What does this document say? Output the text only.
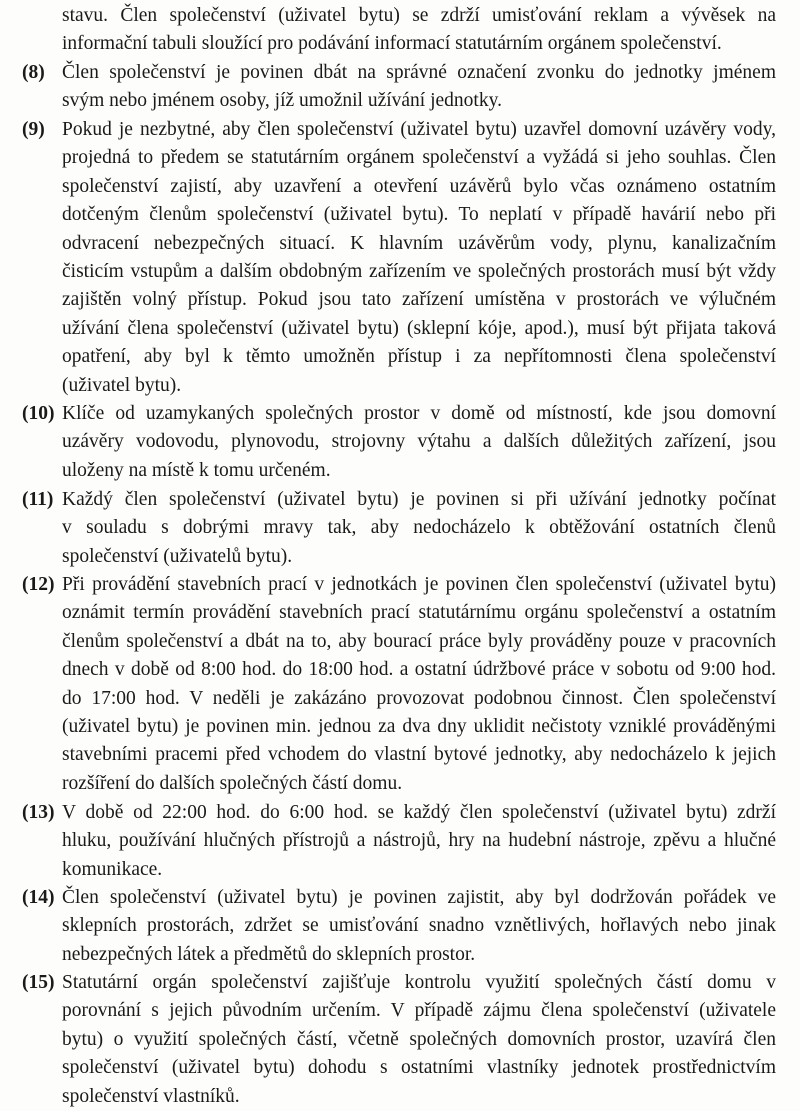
stavu. Člen společenství (uživatel bytu) se zdrží umisťování reklam a vývěsek na
informační tabuli sloužící pro podávání informací statutárním orgánem společenství.
(8) Člen společenství je povinen dbát na správné označení zvonku do jednotky jménem
svým nebo jménem osoby, jíž umožnil užívání jednotky.
(9) Pokud je nezbytné, aby člen společenství (uživatel bytu) uzavřel domovní uzávěry vody,
projedná to předem se statutárním orgánem společenství a vyžádá si jeho souhlas. Člen
společenství zajistí, aby uzavření a otevření uzávěrů bylo včas oznámeno ostatním
dotčeným členům společenství (uživatel bytu). To neplatí v případě havárií nebo při
odvracení nebezpečných situací. K hlavním uzávěrům vody, plynu, kanalizačním
čisticím vstupům a dalším obdobným zařízením ve společných prostorách musí být vždy
zajištěn volný přístup. Pokud jsou tato zařízení umístěna v prostorách ve výlučném
užívání člena společenství (uživatel bytu) (sklepní kóje, apod.), musí být přijata taková
opatření, aby byl k těmto umožněn přístup i za nepřítomnosti člena společenství
(uživatel bytu).
(10) Klíče od uzamykaných společných prostor v domě od místností, kde jsou domovní
uzávěry vodovodu, plynovodu, strojovny výtahu a dalších důležitých zařízení, jsou
uloženy na místě k tomu určeném.
(11) Každý člen společenství (uživatel bytu) je povinen si při užívání jednotky počínat
v souladu s dobrými mravy tak, aby nedocházelo k obtěžování ostatních členů
společenství (uživatelů bytu).
(12) Při provádění stavebních prací v jednotkách je povinen člen společenství (uživatel bytu)
oznámit termín provádění stavebních prací statutárnímu orgánu společenství a ostatním
členům společenství a dbát na to, aby bourací práce byly prováděny pouze v pracovních
dnech v době od 8:00 hod. do 18:00 hod. a ostatní údržbové práce v sobotu od 9:00 hod.
do 17:00 hod. V neděli je zakázáno provozovat podobnou činnost. Člen společenství
(uživatel bytu) je povinen min. jednou za dva dny uklidit nečistoty vzniklé prováděnými
stavebními pracemi před vchodem do vlastní bytové jednotky, aby nedocházelo k jejich
rozšíření do dalších společných částí domu.
(13) V době od 22:00 hod. do 6:00 hod. se každý člen společenství (uživatel bytu) zdrží
hluku, používání hlučných přístrojů a nástrojů, hry na hudební nástroje, zpěvu a hlučné
komunikace.
(14) Člen společenství (uživatel bytu) je povinen zajistit, aby byl dodržován pořádek ve
sklepních prostorách, zdržet se umisťování snadno vznětlivých, hořlavých nebo jinak
nebezpečných látek a předmětů do sklepních prostor.
(15) Statutární orgán společenství zajišťuje kontrolu využití společných částí domu v
porovnání s jejich původním určením. V případě zájmu člena společenství (uživatele
bytu) o využití společných částí, včetně společných domovních prostor, uzavírá člen
společenství (uživatel bytu) dohodu s ostatními vlastníky jednotek prostřednictvím
společenství vlastníků.
